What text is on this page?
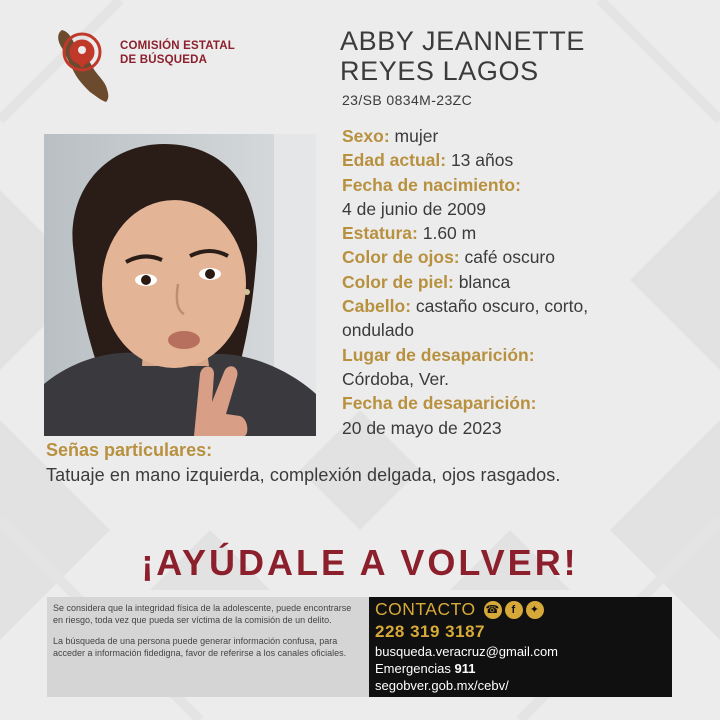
COMISIÓN ESTATAL
DE BÚSQUEDA
ABBY JEANNETTE
REYES LAGOS
23/SB 0834M-23ZC
Sexo: mujer
Edad actual: 13 años
Fecha de nacimiento:
4 de junio de 2009
Estatura: 1.60 m
Color de ojos: café oscuro
Color de piel: blanca
Cabello: castaño oscuro, corto,
ondulado
Lugar de desaparición:
Córdoba, Ver.
Fecha de desaparición:
20 de mayo de 2023
Señas particulares:
Tatuaje en mano izquierda, complexión delgada, ojos rasgados.
¡AYÚDALE A VOLVER!

Se considera que la integridad física de la adolescente, puede encontrarse en riesgo, toda vez que pueda ser víctima de la comisión de un delito.

La búsqueda de una persona puede generar información confusa, para acceder a información fidedigna, favor de referirse a los canales oficiales.

CONTACTO ☎	f	✦
228 319 3187
busqueda.veracruz@gmail.com
Emergencias 911
segobver.gob.mx/cebv/
